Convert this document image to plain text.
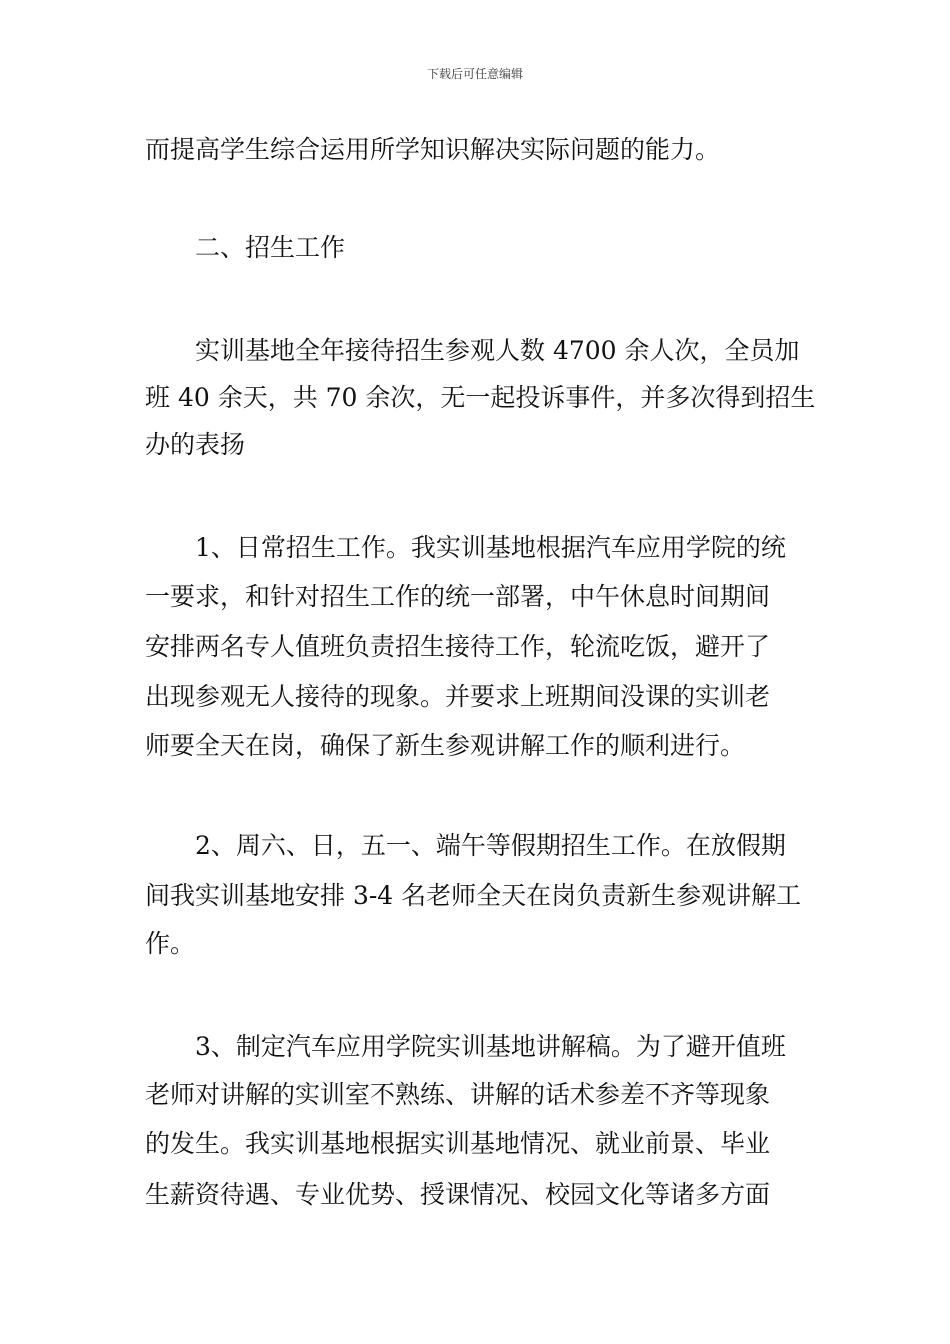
下载后可任意编辑
而提高学生综合运用所学知识解决实际问题的能力。
二、招生工作
实训基地全年接待招生参观人数 4700 余人次，全员加
班 40 余天，共 70 余次，无一起投诉事件，并多次得到招生
办的表扬
1、日常招生工作。我实训基地根据汽车应用学院的统
一要求，和针对招生工作的统一部署，中午休息时间期间
安排两名专人值班负责招生接待工作，轮流吃饭，避开了
出现参观无人接待的现象。并要求上班期间没课的实训老
师要全天在岗，确保了新生参观讲解工作的顺利进行。
2、周六、日，五一、端午等假期招生工作。在放假期
间我实训基地安排 3-4 名老师全天在岗负责新生参观讲解工
作。
3、制定汽车应用学院实训基地讲解稿。为了避开值班
老师对讲解的实训室不熟练、讲解的话术参差不齐等现象
的发生。我实训基地根据实训基地情况、就业前景、毕业
生薪资待遇、专业优势、授课情况、校园文化等诸多方面
